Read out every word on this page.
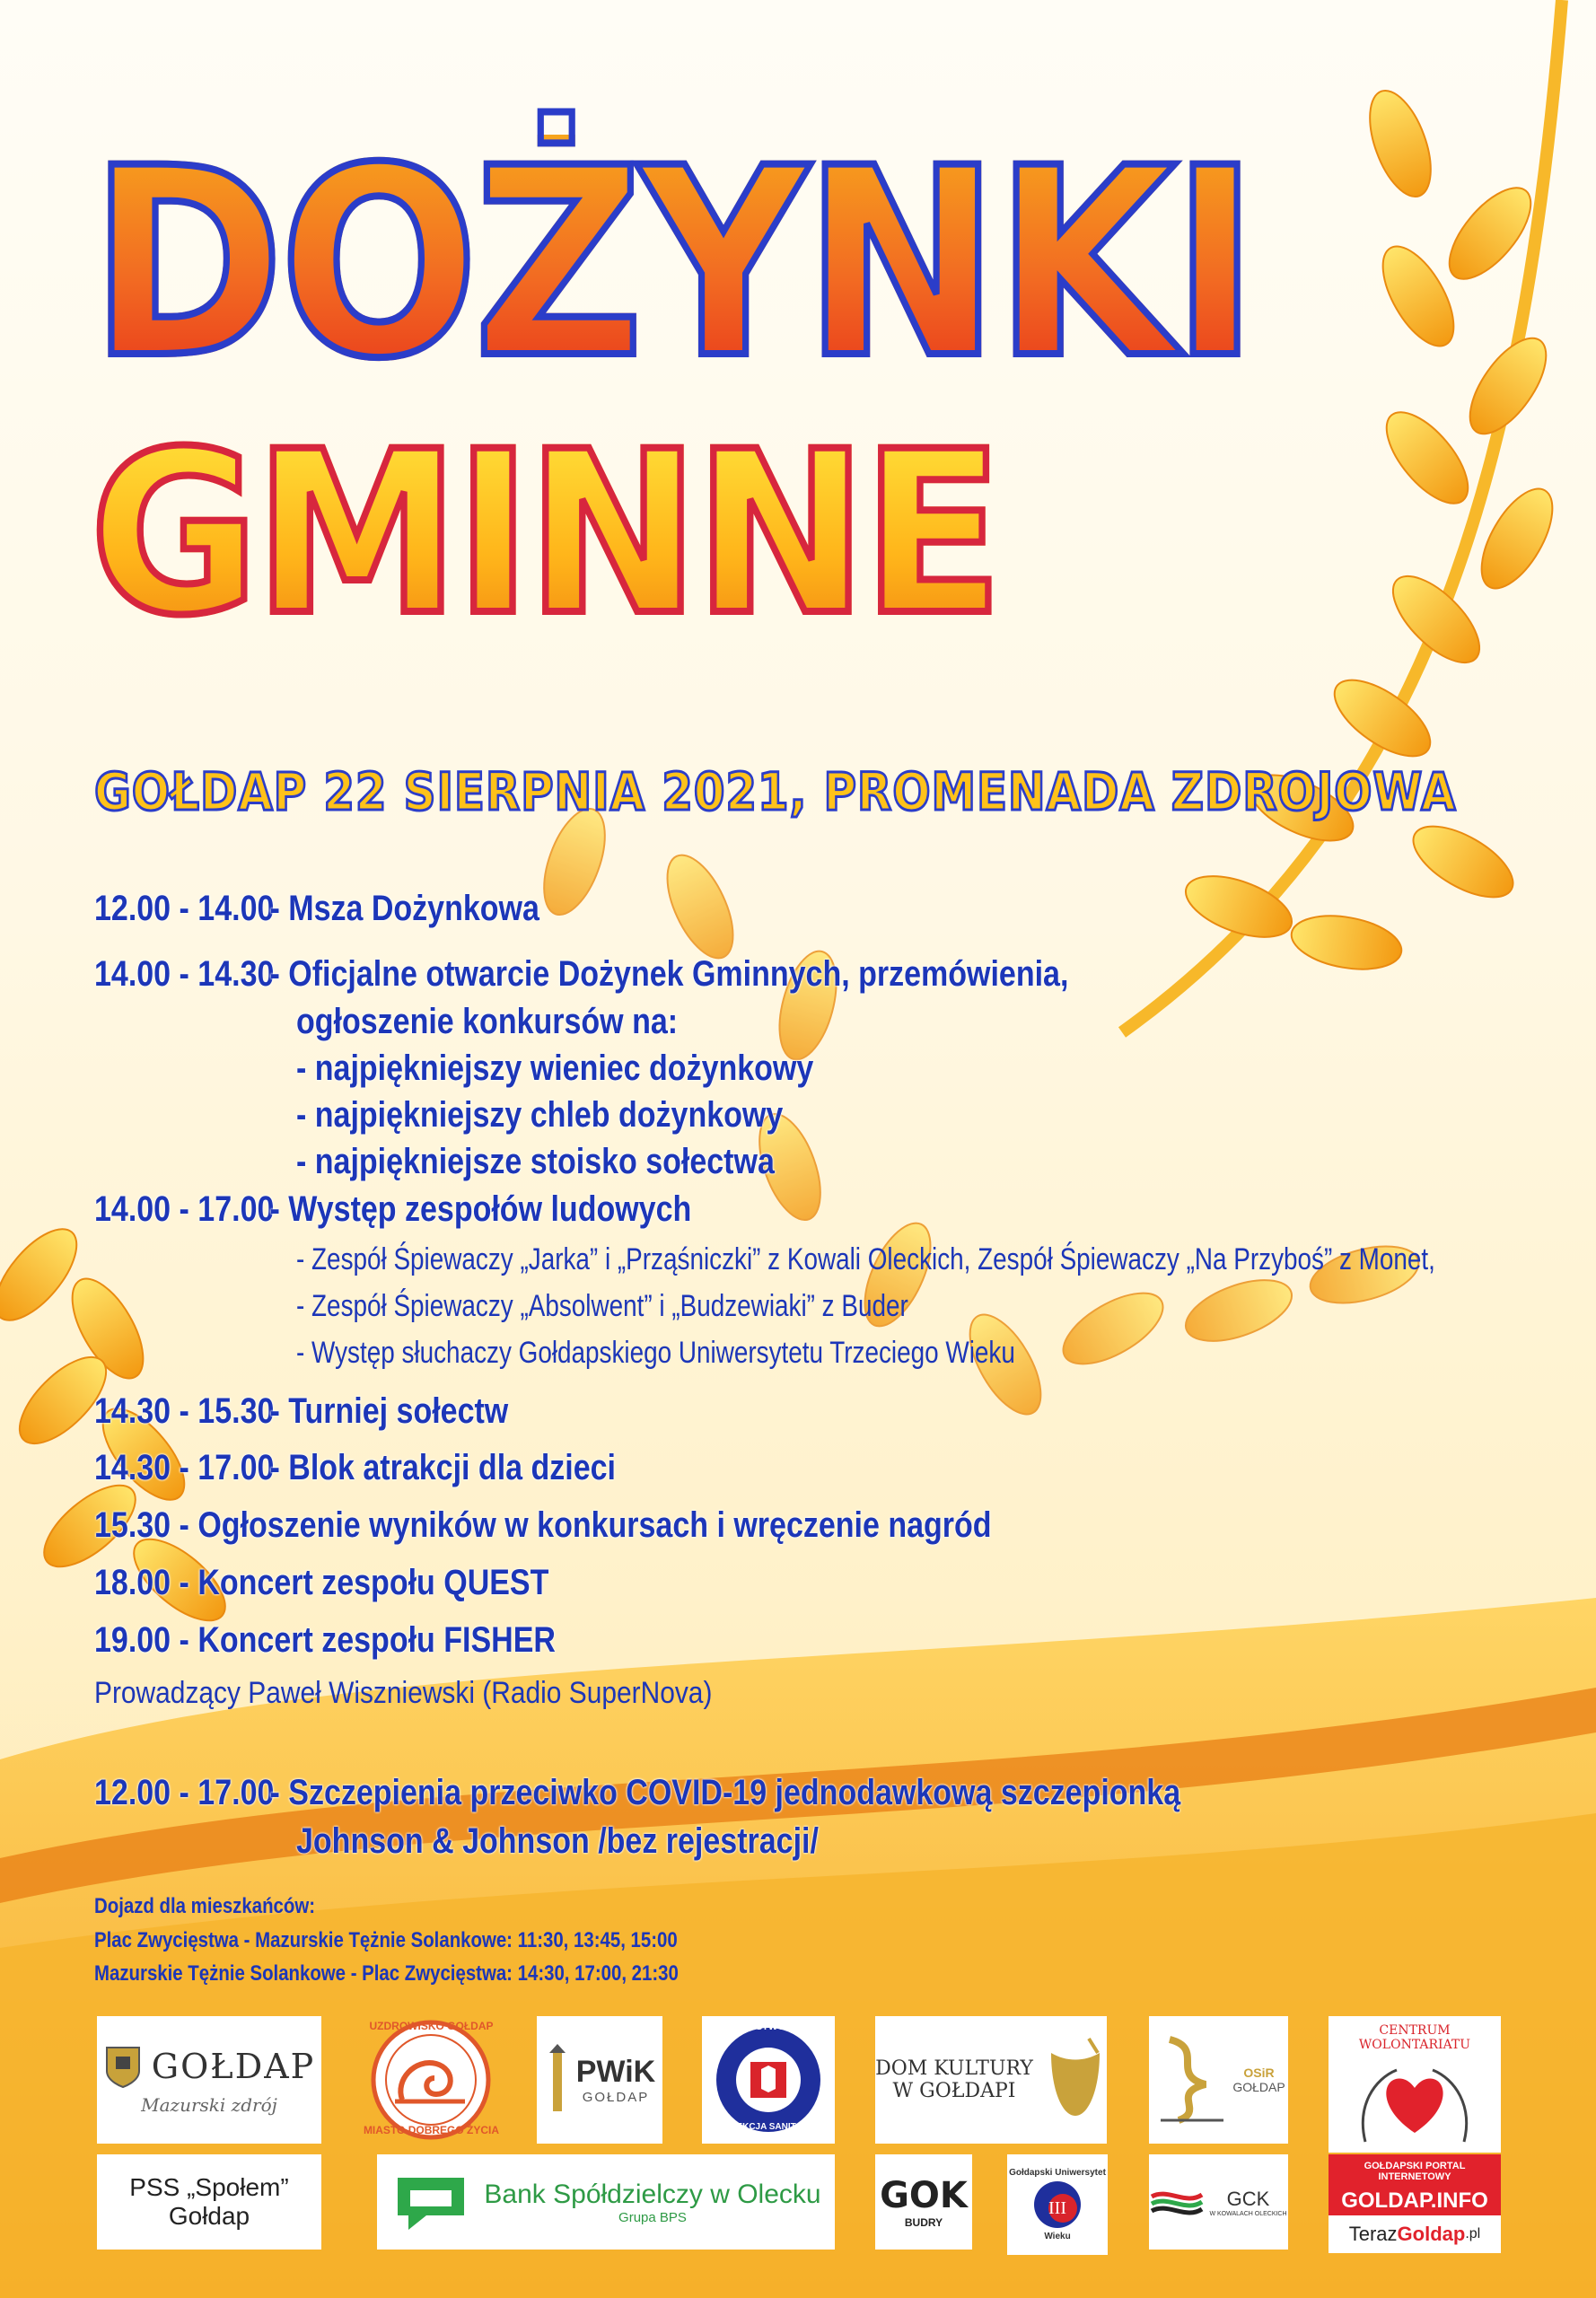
DOŻYNKI
GMINNE
GOŁDAP 22 SIERPNIA 2021, PROMENADA ZDROJOWA
12.00 - 14.00- Msza Dożynkowa
14.00 - 14.30- Oficjalne otwarcie Dożynek Gminnych, przemówienia,
ogłoszenie konkursów na:
- najpiękniejszy wieniec dożynkowy
- najpiękniejszy chleb dożynkowy
- najpiękniejsze stoisko sołectwa
14.00 - 17.00- Występ zespołów ludowych
- Zespół Śpiewaczy „Jarka” i „Prząśniczki” z Kowali Oleckich, Zespół Śpiewaczy „Na Przyboś” z Monet,
- Zespół Śpiewaczy „Absolwent” i „Budzewiaki” z Buder
- Występ słuchaczy Gołdapskiego Uniwersytetu Trzeciego Wieku
14.30 - 15.30- Turniej sołectw
14.30 - 17.00- Blok atrakcji dla dzieci
15.30 - Ogłoszenie wyników w konkursach i wręczenie nagród
18.00 - Koncert zespołu QUEST
19.00 - Koncert zespołu FISHER
Prowadzący Paweł Wiszniewski (Radio SuperNova)
12.00 - 17.00- Szczepienia przeciwko COVID-19 jednodawkową szczepionką
Johnson & Johnson /bez rejestracji/
Dojazd dla mieszkańców:
Plac Zwycięstwa - Mazurskie Tężnie Solankowe: 11:30, 13:45, 15:00
Mazurskie Tężnie Solankowe - Plac Zwycięstwa: 14:30, 17:00, 21:30
GOŁDAP
Mazurski zdrój
UZDROWISKO GOŁDAP
MIASTO DOBREGO ŻYCIA
PWiK
GOŁDAP
PAŃSTWOWA
INSPEKCJA SANITARNA
DOM KULTURY
W GOŁDAPI
OSiR
GOŁDAP
CENTRUM WOLONTARIATU
PSS „Społem”
Gołdap
Bank Spółdzielczy w Olecku
Grupa BPS
GOK
BUDRY
Gołdapski Uniwersytet
III
Wieku
GCK
W KOWALACH OLECKICH
GOŁDAPSKI PORTAL INTERNETOWY
GOLDAP.INFO
Teraz Goldap .pl
